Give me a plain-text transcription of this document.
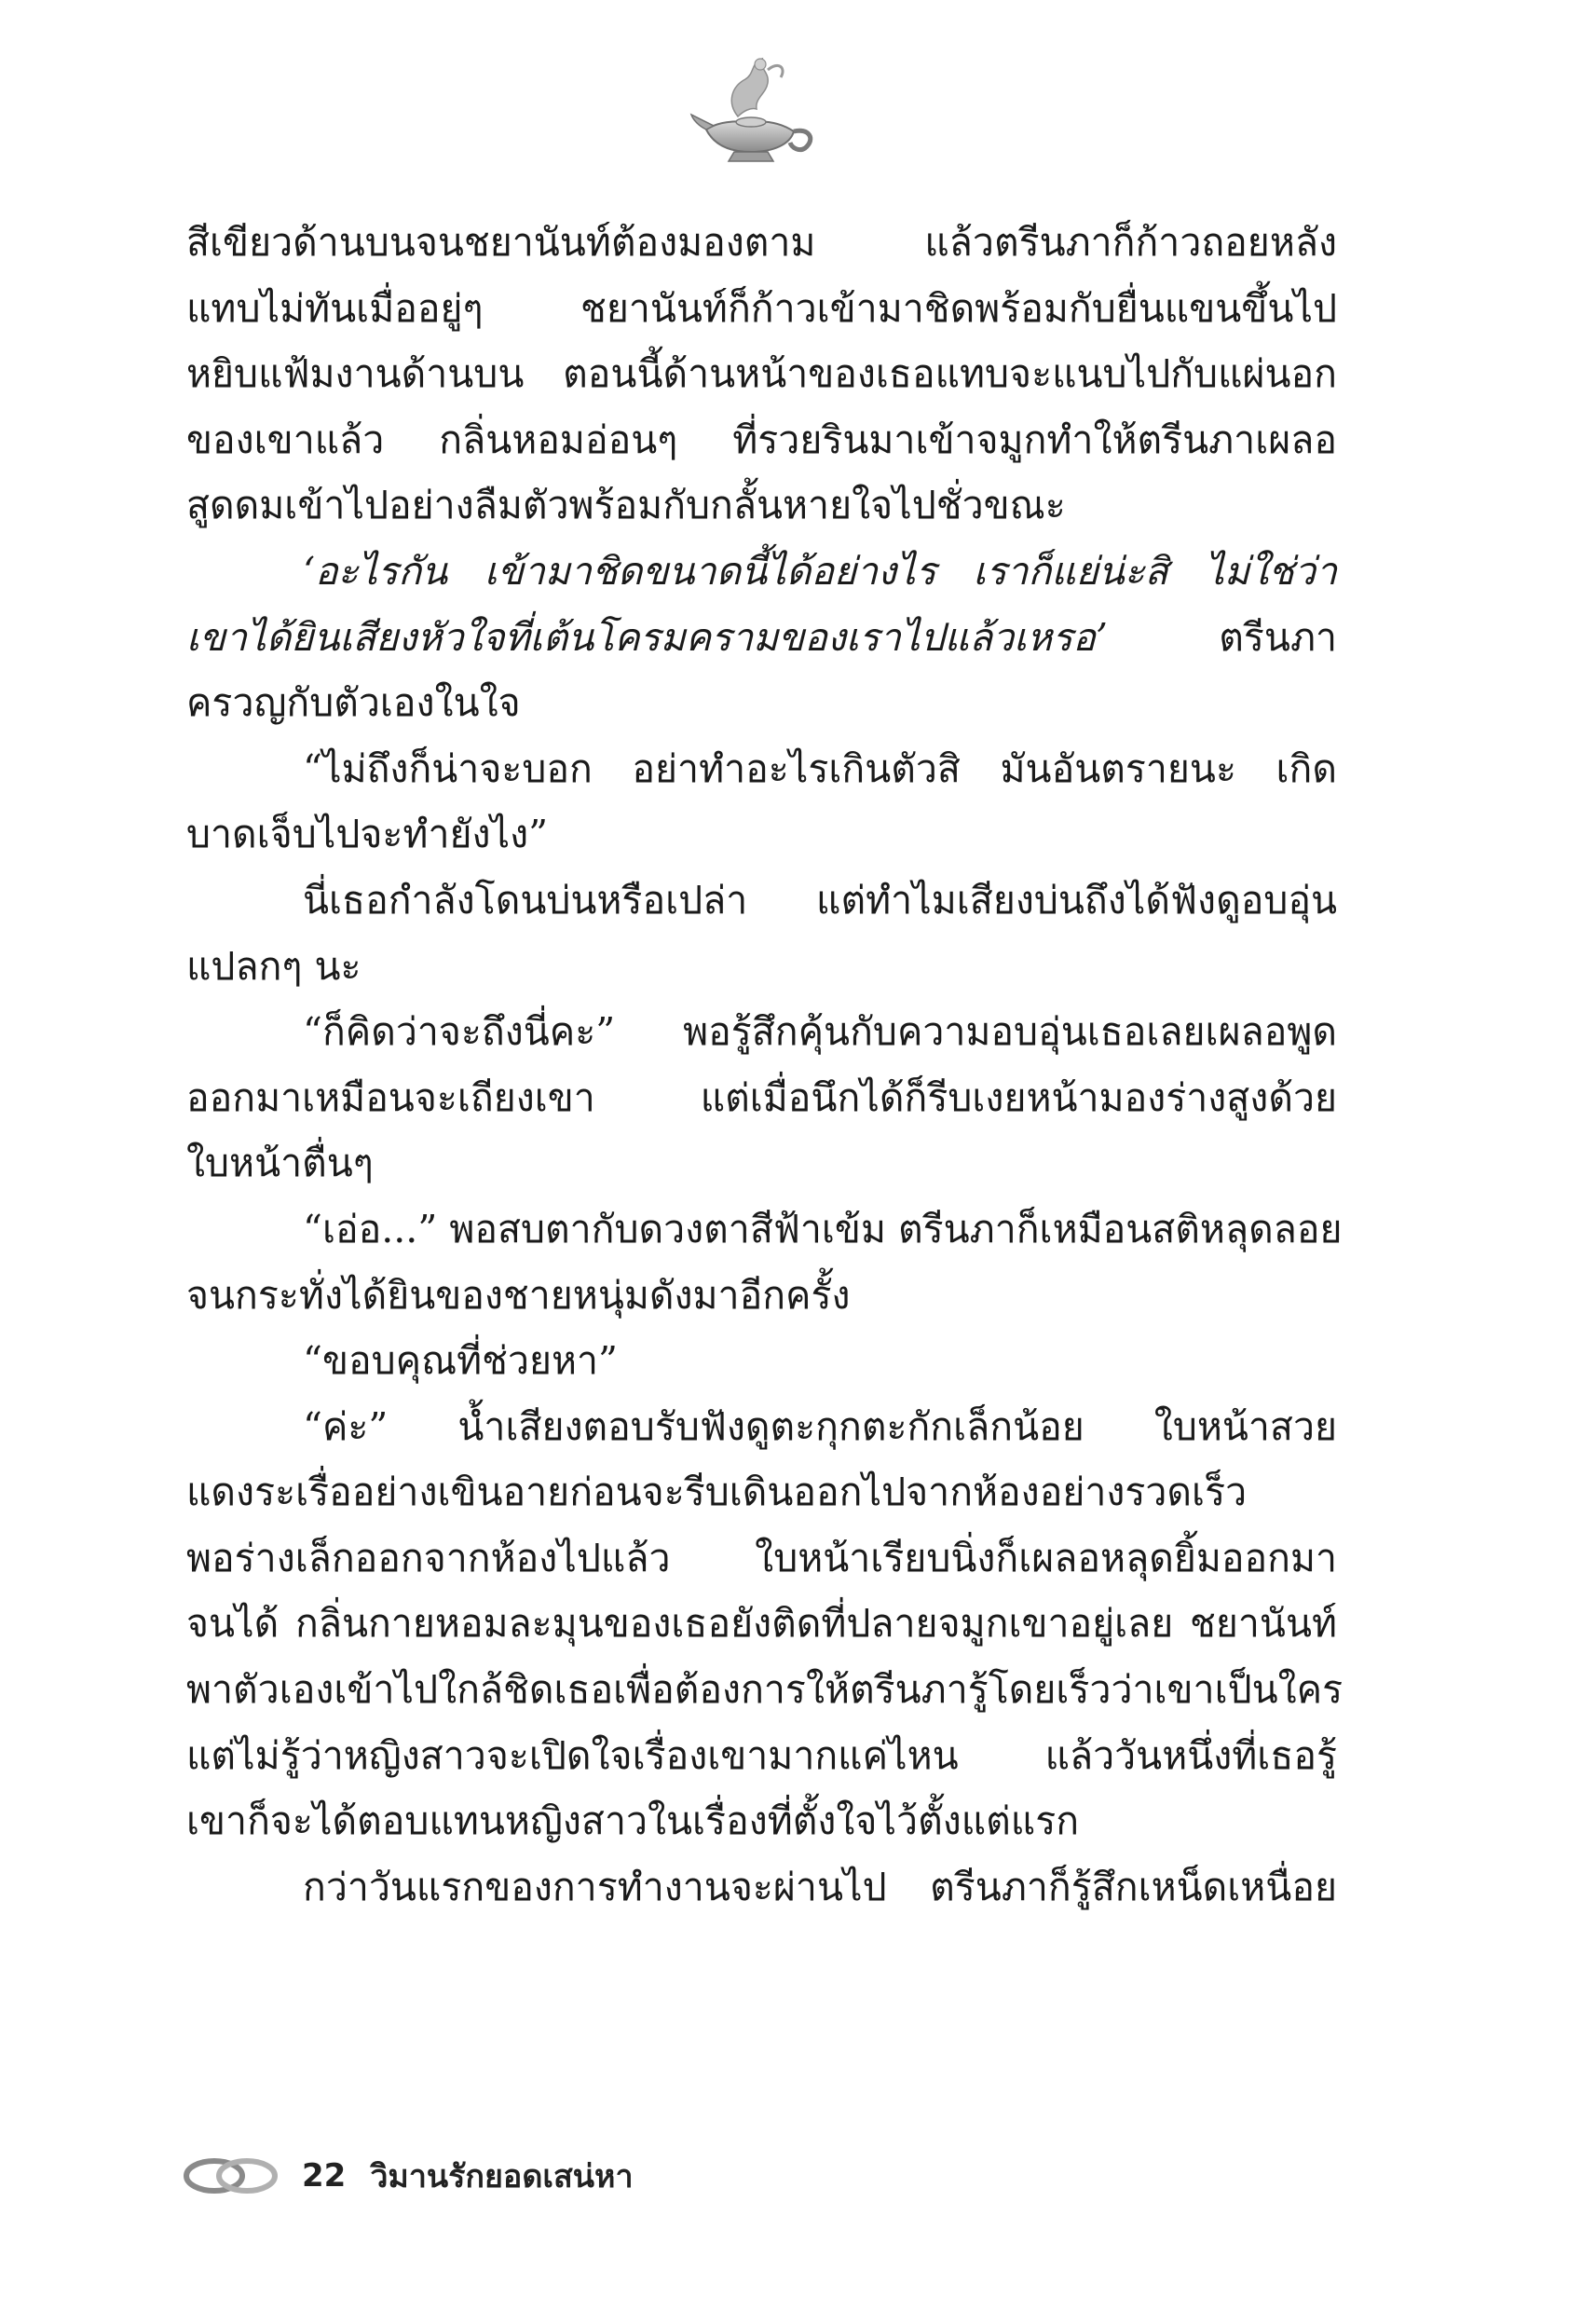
สีเขียวด้านบนจนชยานันท์ต้องมองตาม แล้วตรีนภาก็ก้าวถอยหลัง
แทบไม่ทันเมื่ออยู่ๆ ชยานันท์ก็ก้าวเข้ามาชิดพร้อมกับยื่นแขนขึ้นไป
หยิบแฟ้มงานด้านบน ตอนนี้ด้านหน้าของเธอแทบจะแนบไปกับแผ่นอก
ของเขาแล้ว กลิ่นหอมอ่อนๆ ที่รวยรินมาเข้าจมูกทำให้ตรีนภาเผลอ
สูดดมเข้าไปอย่างลืมตัวพร้อมกับกลั้นหายใจไปชั่วขณะ
‘อะไรกัน เข้ามาชิดขนาดนี้ได้อย่างไร เราก็แย่น่ะสิ ไม่ใช่ว่า
เขาได้ยินเสียงหัวใจที่เต้นโครมครามของเราไปแล้วเหรอ’ ตรีนภา
ครวญกับตัวเองในใจ
“ไม่ถึงก็น่าจะบอก อย่าทำอะไรเกินตัวสิ มันอันตรายนะ เกิด
บาดเจ็บไปจะทำยังไง”
นี่เธอกำลังโดนบ่นหรือเปล่า แต่ทำไมเสียงบ่นถึงได้ฟังดูอบอุ่น
แปลกๆ นะ
“ก็คิดว่าจะถึงนี่คะ” พอรู้สึกคุ้นกับความอบอุ่นเธอเลยเผลอพูด
ออกมาเหมือนจะเถียงเขา แต่เมื่อนึกได้ก็รีบเงยหน้ามองร่างสูงด้วย
ใบหน้าตื่นๆ
“เอ่อ...” พอสบตากับดวงตาสีฟ้าเข้ม ตรีนภาก็เหมือนสติหลุดลอย
จนกระทั่งได้ยินของชายหนุ่มดังมาอีกครั้ง
“ขอบคุณที่ช่วยหา”
“ค่ะ” น้ำเสียงตอบรับฟังดูตะกุกตะกักเล็กน้อย ใบหน้าสวย
แดงระเรื่ออย่างเขินอายก่อนจะรีบเดินออกไปจากห้องอย่างรวดเร็ว
พอร่างเล็กออกจากห้องไปแล้ว ใบหน้าเรียบนิ่งก็เผลอหลุดยิ้มออกมา
จนได้ กลิ่นกายหอมละมุนของเธอยังติดที่ปลายจมูกเขาอยู่เลย ชยานันท์
พาตัวเองเข้าไปใกล้ชิดเธอเพื่อต้องการให้ตรีนภารู้โดยเร็วว่าเขาเป็นใคร
แต่ไม่รู้ว่าหญิงสาวจะเปิดใจเรื่องเขามากแค่ไหน แล้ววันหนึ่งที่เธอรู้
เขาก็จะได้ตอบแทนหญิงสาวในเรื่องที่ตั้งใจไว้ตั้งแต่แรก
กว่าวันแรกของการทำงานจะผ่านไป ตรีนภาก็รู้สึกเหน็ดเหนื่อย
22 วิมานรักยอดเสน่หา
